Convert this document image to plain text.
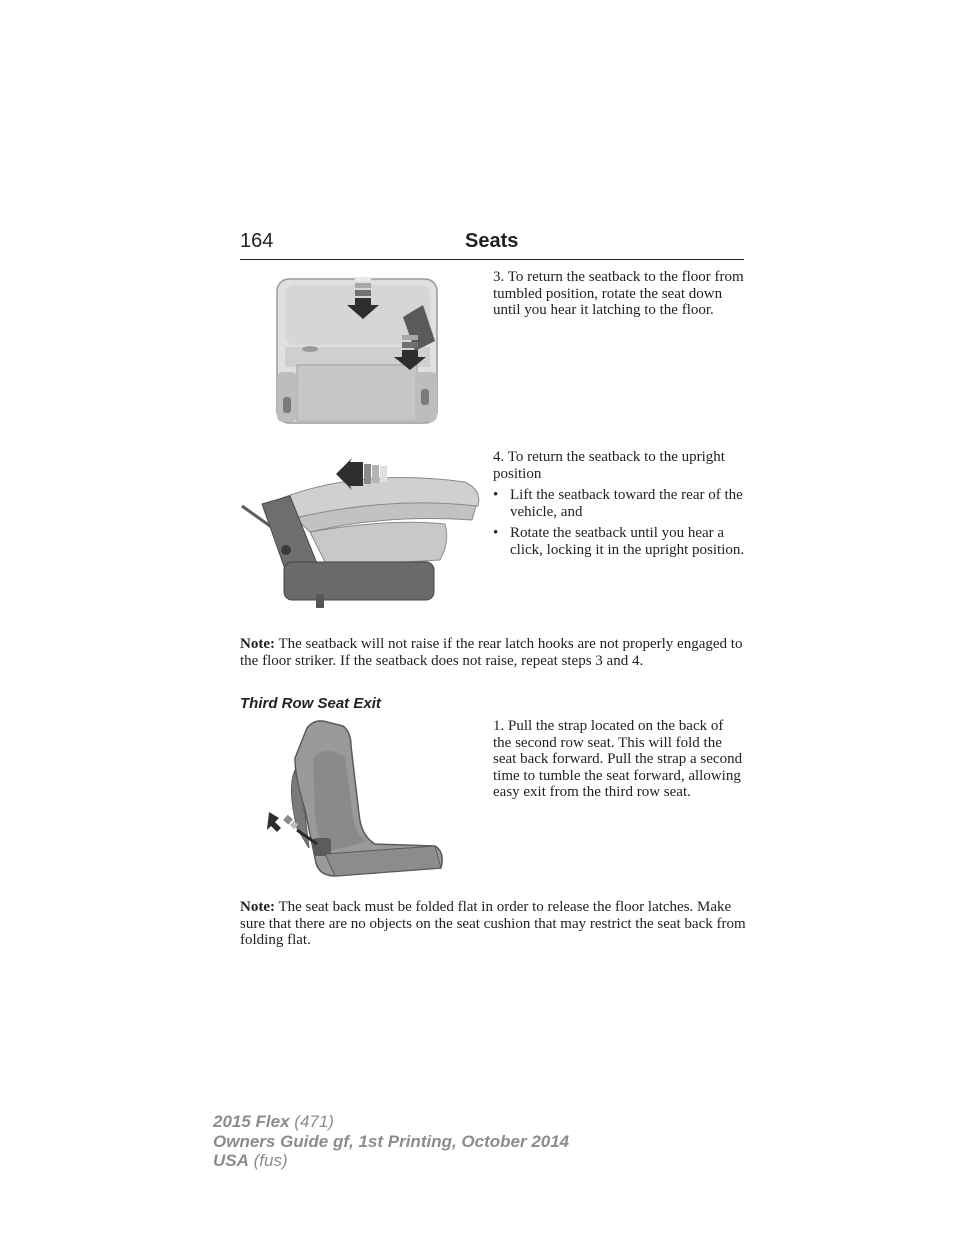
164	Seats

3. To return the seatback to the floor from tumbled position, rotate the seat down until you hear it latching to the floor.

4. To return the seatback to the upright position

• Lift the seatback toward the rear of the vehicle, and
• Rotate the seatback until you hear a click, locking it in the upright position.

Note: The seatback will not raise if the rear latch hooks are not properly engaged to the floor striker. If the seatback does not raise, repeat steps 3 and 4.

Third Row Seat Exit

1. Pull the strap located on the back of the second row seat. This will fold the seat back forward. Pull the strap a second time to tumble the seat forward, allowing easy exit from the third row seat.

Note: The seat back must be folded flat in order to release the floor latches. Make sure that there are no objects on the seat cushion that may restrict the seat back from folding flat.

2015 Flex (471)
Owners Guide gf, 1st Printing, October 2014
USA (fus)
